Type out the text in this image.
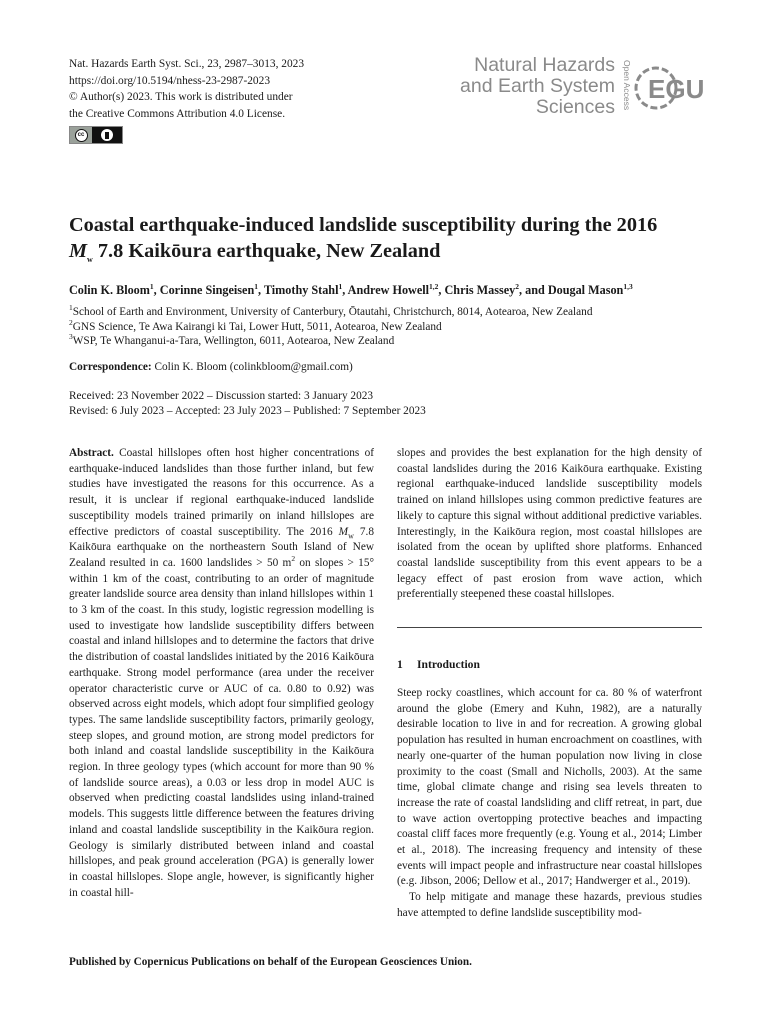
Nat. Hazards Earth Syst. Sci., 23, 2987–3013, 2023
https://doi.org/10.5194/nhess-23-2987-2023
© Author(s) 2023. This work is distributed under
the Creative Commons Attribution 4.0 License.
cc
Natural Hazards
and Earth System
Sciences Open Access EGU
Coastal earthquake-induced landslide susceptibility during the 2016
$M_w$ 7.8 Kaikōura earthquake, New Zealand
Colin K. Bloom$^1$, Corinne Singeisen$^1$, Timothy Stahl$^1$, Andrew Howell$^{1,2}$, Chris Massey$^2$, and Dougal Mason$^{1,3}$
$^1$School of Earth and Environment, University of Canterbury, Ōtautahi, Christchurch, 8014, Aotearoa, New Zealand
$^2$GNS Science, Te Awa Kairangi ki Tai, Lower Hutt, 5011, Aotearoa, New Zealand
$^3$WSP, Te Whanganui-a-Tara, Wellington, 6011, Aotearoa, New Zealand
Correspondence: Colin K. Bloom (colinkbloom@gmail.com)
Received: 23 November 2022 – Discussion started: 3 January 2023
Revised: 6 July 2023 – Accepted: 23 July 2023 – Published: 7 September 2023
Abstract. Coastal hillslopes often host higher concentrations of earthquake-induced landslides than those further inland, but few studies have investigated the reasons for this occurrence. As a result, it is unclear if regional earthquake-induced landslide susceptibility models trained primarily on inland hillslopes are effective predictors of coastal susceptibility. The 2016 $M_w$ 7.8 Kaikōura earthquake on the northeastern South Island of New Zealand resulted in ca. 1600 landslides > 50 $m^2$ on slopes > 15° within 1 km of the coast, contributing to an order of magnitude greater landslide source area density than inland hillslopes within 1 to 3 km of the coast. In this study, logistic regression modelling is used to investigate how landslide susceptibility differs between coastal and inland hillslopes and to determine the factors that drive the distribution of coastal landslides initiated by the 2016 Kaikōura earthquake. Strong model performance (area under the receiver operator characteristic curve or AUC of ca. 0.80 to 0.92) was observed across eight models, which adopt four simplified geology types. The same landslide susceptibility factors, primarily geology, steep slopes, and ground motion, are strong model predictors for both inland and coastal landslide susceptibility in the Kaikōura region. In three geology types (which account for more than 90 % of landslide source areas), a 0.03 or less drop in model AUC is observed when predicting coastal landslides using inland-trained models. This suggests little difference between the features driving inland and coastal landslide susceptibility in the Kaikōura region. Geology is similarly distributed between inland and coastal hillslopes, and peak ground acceleration (PGA) is generally lower in coastal hillslopes. Slope angle, however, is significantly higher in coastal hill-
slopes and provides the best explanation for the high density of coastal landslides during the 2016 Kaikōura earthquake. Existing regional earthquake-induced landslide susceptibility models trained on inland hillslopes using common predictive features are likely to capture this signal without additional predictive variables. Interestingly, in the Kaikōura region, most coastal hillslopes are isolated from the ocean by uplifted shore platforms. Enhanced coastal landslide susceptibility from this event appears to be a legacy effect of past erosion from wave action, which preferentially steepened these coastal hillslopes.
1 Introduction
Steep rocky coastlines, which account for ca. 80 % of waterfront around the globe (Emery and Kuhn, 1982), are a naturally desirable location to live in and for recreation. A growing global population has resulted in human encroachment on coastlines, with nearly one-quarter of the human population now living in close proximity to the coast (Small and Nicholls, 2003). At the same time, global climate change and rising sea levels threaten to increase the rate of coastal landsliding and cliff retreat, in part, due to wave action overtopping protective beaches and impacting coastal cliff faces more frequently (e.g. Young et al., 2014; Limber et al., 2018). The increasing frequency and intensity of these events will impact people and infrastructure near coastal hillslopes (e.g. Jibson, 2006; Dellow et al., 2017; Handwerger et al., 2019).
To help mitigate and manage these hazards, previous studies have attempted to define landslide susceptibility mod-
Published by Copernicus Publications on behalf of the European Geosciences Union.
